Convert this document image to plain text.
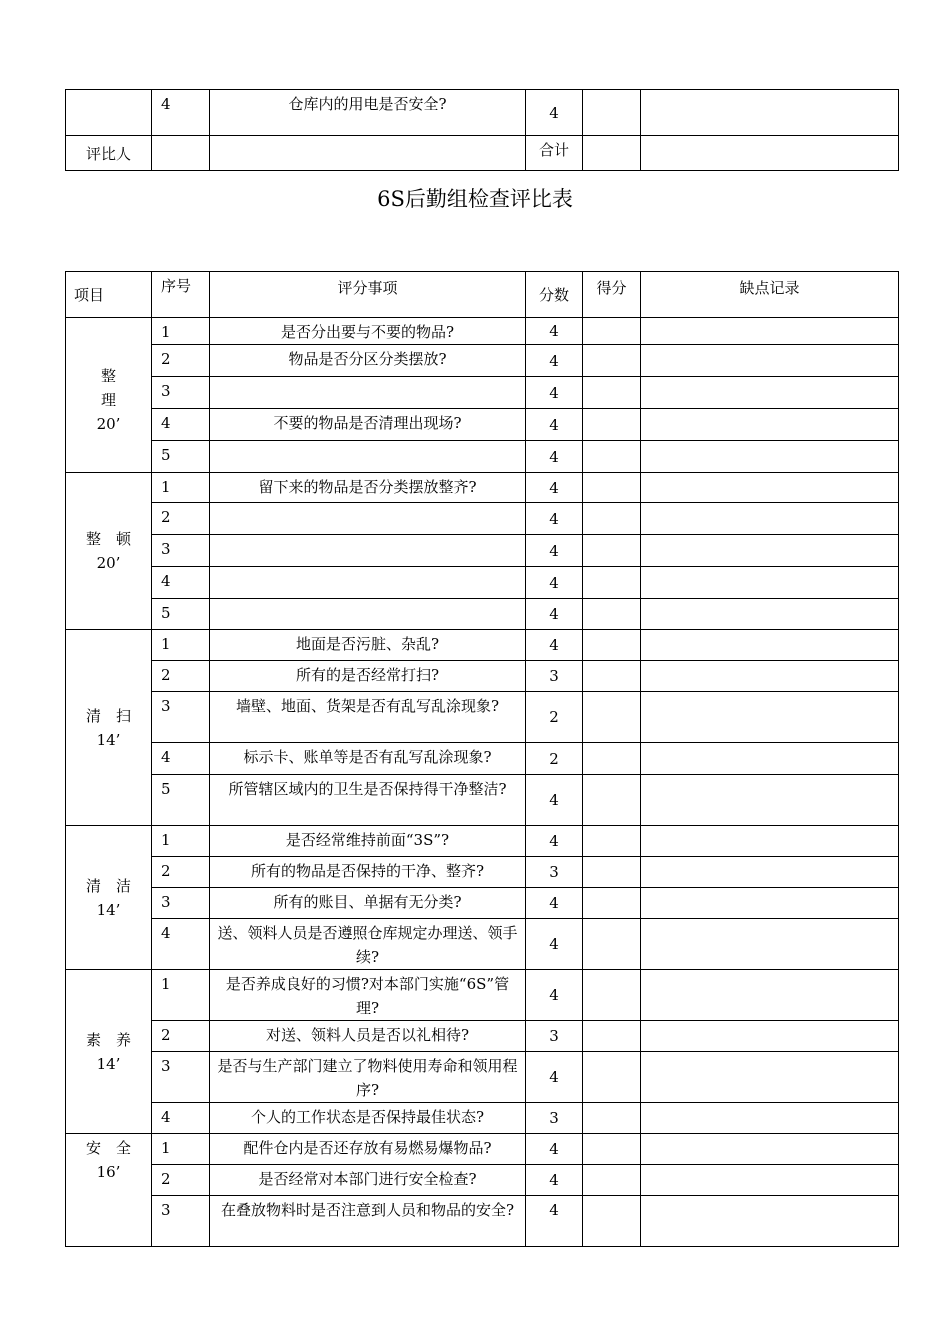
	4	仓库内的用电是否安全?	4		
评比人			合计		
6S后勤组检查评比表
项目	序号	评分事项	分数	得分	缺点记录

整
理
20’	1	是否分出要与不要的物品?	4		
	2	物品是否分区分类摆放?	4		
	3		4		
	4	不要的物品是否清理出现场?	4		
	5		4		

整　顿
20’	1	留下来的物品是否分类摆放整齐?	4		
	2		4		
	3		4		
	4		4		
	5		4		

清　扫
14’	1	地面是否污脏、杂乱?	4		
	2	所有的是否经常打扫?	3		
	3	墙壁、地面、货架是否有乱写乱涂现象?	2		
	4	标示卡、账单等是否有乱写乱涂现象?	2		
	5	所管辖区域内的卫生是否保持得干净整洁?	4		

清　洁
14’	1	是否经常维持前面“3S”?	4		
	2	所有的物品是否保持的干净、整齐?	3		
	3	所有的账目、单据有无分类?	4		
	4	送、领料人员是否遵照仓库规定办理送、领手续?	4		

素　养
14’	1	是否养成良好的习惯?对本部门实施“6S”管理?	4		
	2	对送、领料人员是否以礼相待?	3		
	3	是否与生产部门建立了物料使用寿命和领用程序?	4		
	4	个人的工作状态是否保持最佳状态?	3		

安　全
16’	1	配件仓内是否还存放有易燃易爆物品?	4		
	2	是否经常对本部门进行安全检查?	4		
	3	在叠放物料时是否注意到人员和物品的安全?	4		
